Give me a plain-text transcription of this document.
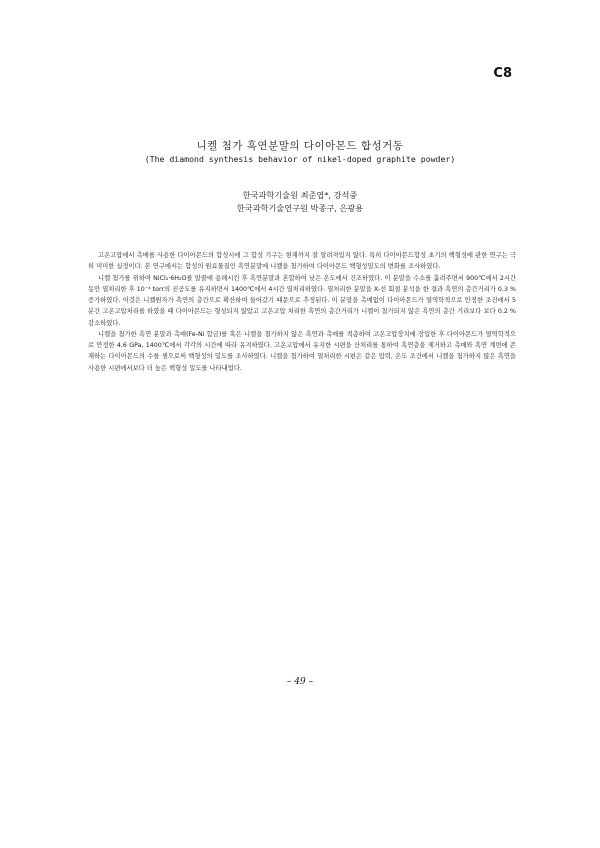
C8
니켈 첨가 흑연분말의 다이아몬드 합성거동
(The diamond synthesis behavior of nikel-doped graphite powder)
한국과학기술원 최준엽*, 강석중
한국과학기술연구원 박종구, 은광용

고온고압에서 촉매를 사용한 다이아몬드의 합성시에 그 합성 기구는 현재까지 잘 알려져있지 않다. 특히 다이아몬드합성 초기의 핵형성에 관한 연구는 극히 미미한 실정이다. 본 연구에서는 합성의 원료물질인 흑연분말에 니켈을 첨가하여 다이아몬드 핵형성밀도의 변화를 조사하였다.

니켈 첨가를 위하여 NiCl₂·6H₂O를 알콜에 용해시킨 후 흑연분말과 혼합하여 낮은 온도에서 건조하였다. 이 분말을 수소를 흘려주면서 900℃에서 2시간 동안 열처리한 후 10⁻⁴ torr의 진공도를 유지하면서 1400℃에서 4시간 열처리하였다. 열처리한 분말을 X-선 회절 분석을 한 결과 흑연의 층간거리가 0.3 % 증가하였다. 이것은 니켈원자가 흑연의 층간으로 확산하여 들어갔기 때문으로 추정된다. 이 분말을 촉매없이 다이아몬드가 열역학적으로 안정한 조건에서 5분간 고온고압처리를 하였을 때 다이아몬드는 형성되지 않았고 고온고압 처리한 흑연의 층간거리가 니켈이 첨가되지 않은 흑연의 층간 거리보다 보다 0.2 % 감소하였다.

니켈을 첨가한 흑연 분말과 촉매(Fe-Ni 합금)를 혹은 니켈을 첨가하지 않은 흑연과 촉매를 적층하여 고온고압장치에 장입한 후 다이아몬드가 열역학적으로 안정한 4.6 GPa, 1400℃에서 각각의 시간에 따라 유지하였다. 고온고압에서 유지한 시편을 산처리를 통하여 흑연층을 제거하고 촉매와 흑연 계면에 존재하는 다이아몬드의 수를 셈으로써 핵형성의 밀도를 조사하였다. 니켈을 첨가하여 열처리한 시편은 같은 압력, 온도 조건에서 니켈을 첨가하지 않은 흑연을 사용한 시편에서보다 더 높은 핵형성 밀도를 나타내었다.

– 49 –
